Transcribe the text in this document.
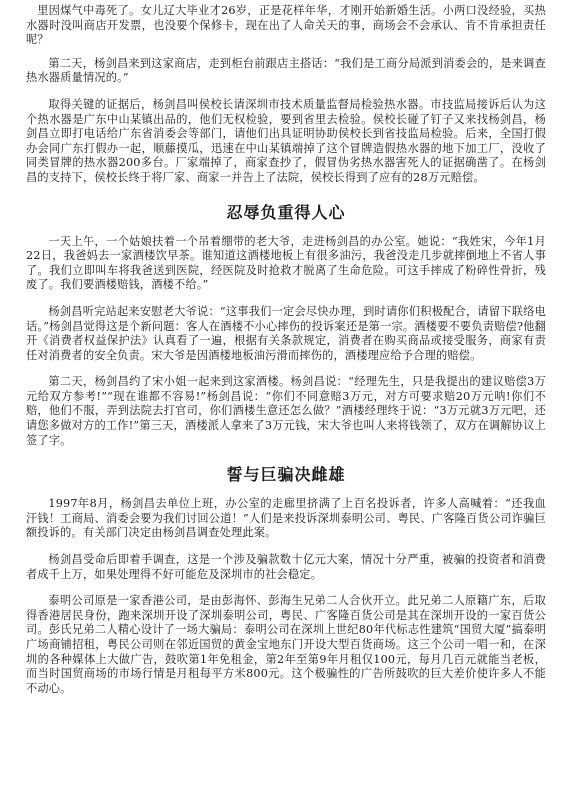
里因煤气中毒死了。女儿辽大毕业才26岁，正是花样年华，才刚开始新婚生活。小两口没经验，买热水器时没叫商店开发票，也没要个保修卡，现在出了人命关天的事，商场会不会承认、肯不肯承担责任呢？

第二天，杨剑昌来到这家商店，走到柜台前跟店主搭话：“我们是工商分局派到消委会的，是来调查热水器质量情况的。”

取得关键的证据后，杨剑昌叫侯校长请深圳市技术质量监督局检验热水器。市技监局接诉后认为这个热水器是广东中山某镇出品的，他们无权检验，要到省里去检验。侯校长碰了钉子又来找杨剑昌，杨剑昌立即打电话给广东省消委会等部门，请他们出具证明协助侯校长到省技监局检验。后来，全国打假办会同广东打假办一起，顺藤摸瓜，迅速在中山某镇端掉了这个冒牌造假热水器的地下加工厂，没收了同类冒牌的热水器200多台。厂家端掉了，商家查抄了，假冒伪劣热水器害死人的证据确凿了。在杨剑昌的支持下，侯校长终于将厂家、商家一并告上了法院，侯校长得到了应有的28万元赔偿。

忍辱负重得人心

一天上午，一个姑娘扶着一个吊着绷带的老大爷，走进杨剑昌的办公室。她说：“我姓宋，今年1月22日，我爸妈去一家酒楼饮早茶。谁知道这酒楼地板上有很多油污，我爸没走几步就摔倒地上不省人事了。我们立即叫车将我爸送到医院，经医院及时抢救才脱离了生命危险。可这手摔成了粉碎性骨折，残废了。我们要酒楼赔钱，酒楼不给。”

杨剑昌听完站起来安慰老大爷说：“这事我们一定会尽快办理，到时请你们积极配合，请留下联络电话。”杨剑昌觉得这是个新问题：客人在酒楼不小心摔伤的投诉案还是第一宗。酒楼要不要负责赔偿?他翻开《消费者权益保护法》认真看了一遍，根据有关条款规定，消费者在购买商品或接受服务，商家有责任对消费者的安全负责。宋大爷是因酒楼地板油污滑而摔伤的，酒楼理应给予合理的赔偿。

第二天，杨剑昌约了宋小姐一起来到这家酒楼。杨剑昌说：“经理先生，只是我提出的建议赔偿3万元给双方参考!”“现在谁都不容易!”杨剑昌说：“你们不同意赔3万元，对方可要求赔20万元呐!你们不赔，他们不服，弄到法院去打官司，你们酒楼生意还怎么做？”酒楼经理终于说：“3万元就3万元吧，还请您多做对方的工作!”第三天，酒楼派人拿来了3万元钱，宋大爷也叫人来将钱领了，双方在调解协议上签了字。

誓与巨骗决雌雄

1997年8月，杨剑昌去单位上班，办公室的走廊里挤满了上百名投诉者，许多人高喊着：“还我血汗钱！工商局、消委会要为我们讨回公道！”人们是来投诉深圳泰明公司、粤民、广客隆百货公司诈骗巨额投诉的。有关部门决定由杨剑昌调查处理此案。

杨剑昌受命后即着手调查，这是一个涉及骗款数十亿元大案，情况十分严重，被骗的投资者和消费者成千上万，如果处理得不好可能危及深圳市的社会稳定。

泰明公司原是一家香港公司，是由彭海怀、彭海生兄弟二人合伙开立。此兄弟二人原籍广东，后取得香港居民身份，跑来深圳开设了深圳泰明公司，粤民、广客隆百货公司是其在深圳开设的一家百货公司。彭氏兄弟二人精心设计了一场大骗局：泰明公司在深圳上世纪80年代标志性建筑“国贸大厦”搞泰明广场商铺招租，粤民公司则在邻近国贸的黄金宝地东门开设大型百货商场。这三个公司一唱一和，在深圳的各种媒体上大做广告，鼓吹第1年免租金，第2年至第9年月租仅100元，每月几百元就能当老板，而当时国贸商场的市场行情是月租每平方米800元。这个极骗性的广告所鼓吹的巨大差价使许多人不能不动心。
